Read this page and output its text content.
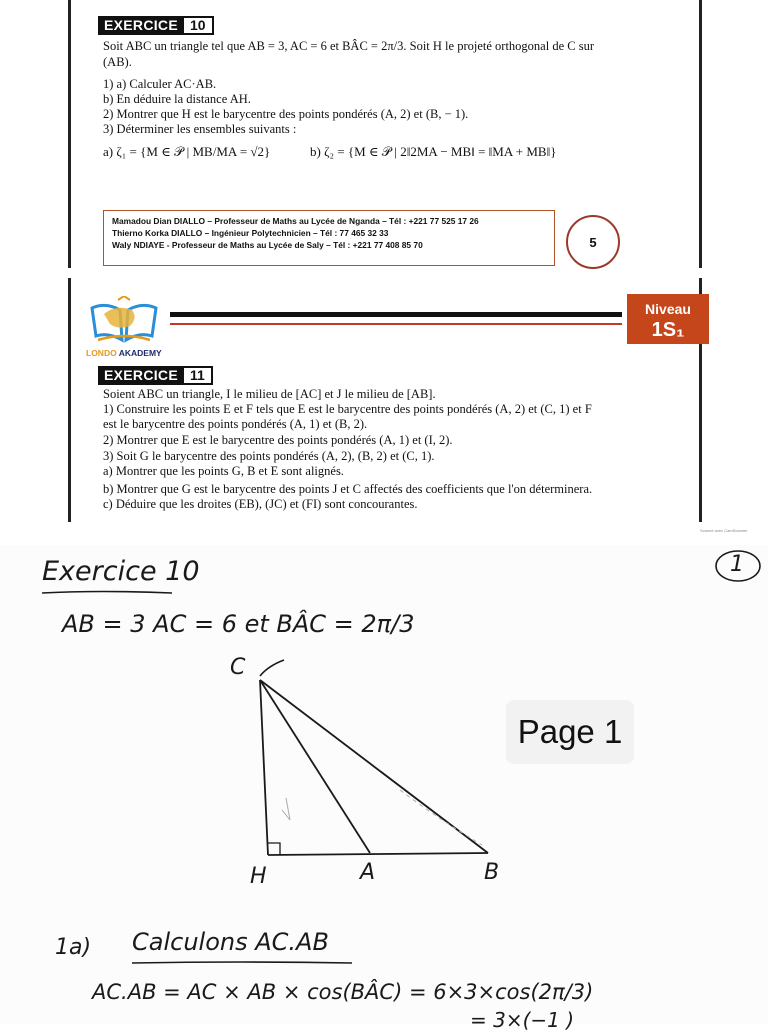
EXERCICE 10
Soit ABC un triangle tel que AB = 3, AC = 6 et BÂC = 2π/3. Soit H le projeté orthogonal de C sur
(AB).
1) a) Calculer AC·AB.
b) En déduire la distance AH.
2) Montrer que H est le barycentre des points pondérés (A, 2) et (B, − 1).
3) Déterminer les ensembles suivants :
a) ζ₁ = {M ∈ 𝒫 | MB/MA = √2}	b) ζ₂ = {M ∈ 𝒫 | 2‖2MA − MB‖ = ‖MA + MB‖}
Mamadou Dian DIALLO – Professeur de Maths au Lycée de Nganda – Tél : +221 77 525 17 26
Thierno Korka DIALLO – Ingénieur Polytechnicien – Tél : 77 465 32 33
Waly NDIAYE - Professeur de Maths au Lycée de Saly – Tél : +221 77 408 85 70	5
LONDO AKADEMY
Niveau
1S₁
EXERCICE 11
Soient ABC un triangle, I le milieu de [AC] et J le milieu de [AB].
1) Construire les points E et F tels que E est le barycentre des points pondérés (A, 2) et (C, 1) et F
est le barycentre des points pondérés (A, 1) et (B, 2).
2) Montrer que E est le barycentre des points pondérés (A, 1) et (I, 2).
3) Soit G le barycentre des points pondérés (A, 2), (B, 2) et (C, 1).
a) Montrer que les points G, B et E sont alignés.
b) Montrer que G est le barycentre des points J et C affectés des coefficients que l'on déterminera.
c) Déduire que les droites (EB), (JC) et (FI) sont concourantes.
Scanné avec CamScanner
Exercice 10	1
AB = 3 AC = 6 et BÂC = 2π/3
C
H	A	B
Page 1
1a) Calculons AC.AB
AC.AB = AC × AB × cos(BÂC) = 6×3×cos(2π/3)
= 3×(−1 )
